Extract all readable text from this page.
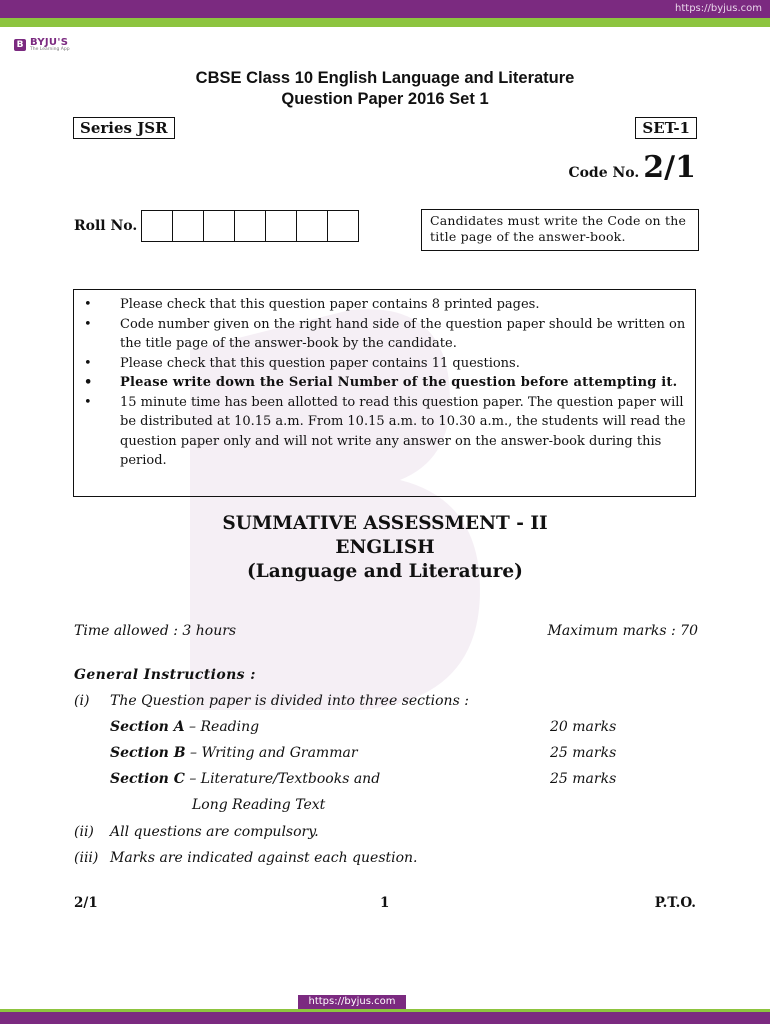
https://byjus.com
B BYJU'S
The Learning App
CBSE Class 10 English Language and Literature
Question Paper 2016 Set 1
Series JSR	SET-1
Code No. 2/1
Roll No.	Candidates must write the Code on the title page of the answer-book.
• Please check that this question paper contains 8 printed pages.
• Code number given on the right hand side of the question paper should be written on the title page of the answer-book by the candidate.
• Please check that this question paper contains 11 questions.
• Please write down the Serial Number of the question before attempting it.
• 15 minute time has been allotted to read this question paper. The question paper will be distributed at 10.15 a.m. From 10.15 a.m. to 10.30 a.m., the students will read the question paper only and will not write any answer on the answer-book during this period.
SUMMATIVE ASSESSMENT - II
ENGLISH
(Language and Literature)
Time allowed : 3 hours	Maximum marks : 70
General Instructions :
(i) The Question paper is divided into three sections :
Section A – Reading	20 marks
Section B – Writing and Grammar	25 marks
Section C – Literature/Textbooks and	25 marks
Long Reading Text
(ii) All questions are compulsory.
(iii) Marks are indicated against each question.
2/1	1	P.T.O.
https://byjus.com
